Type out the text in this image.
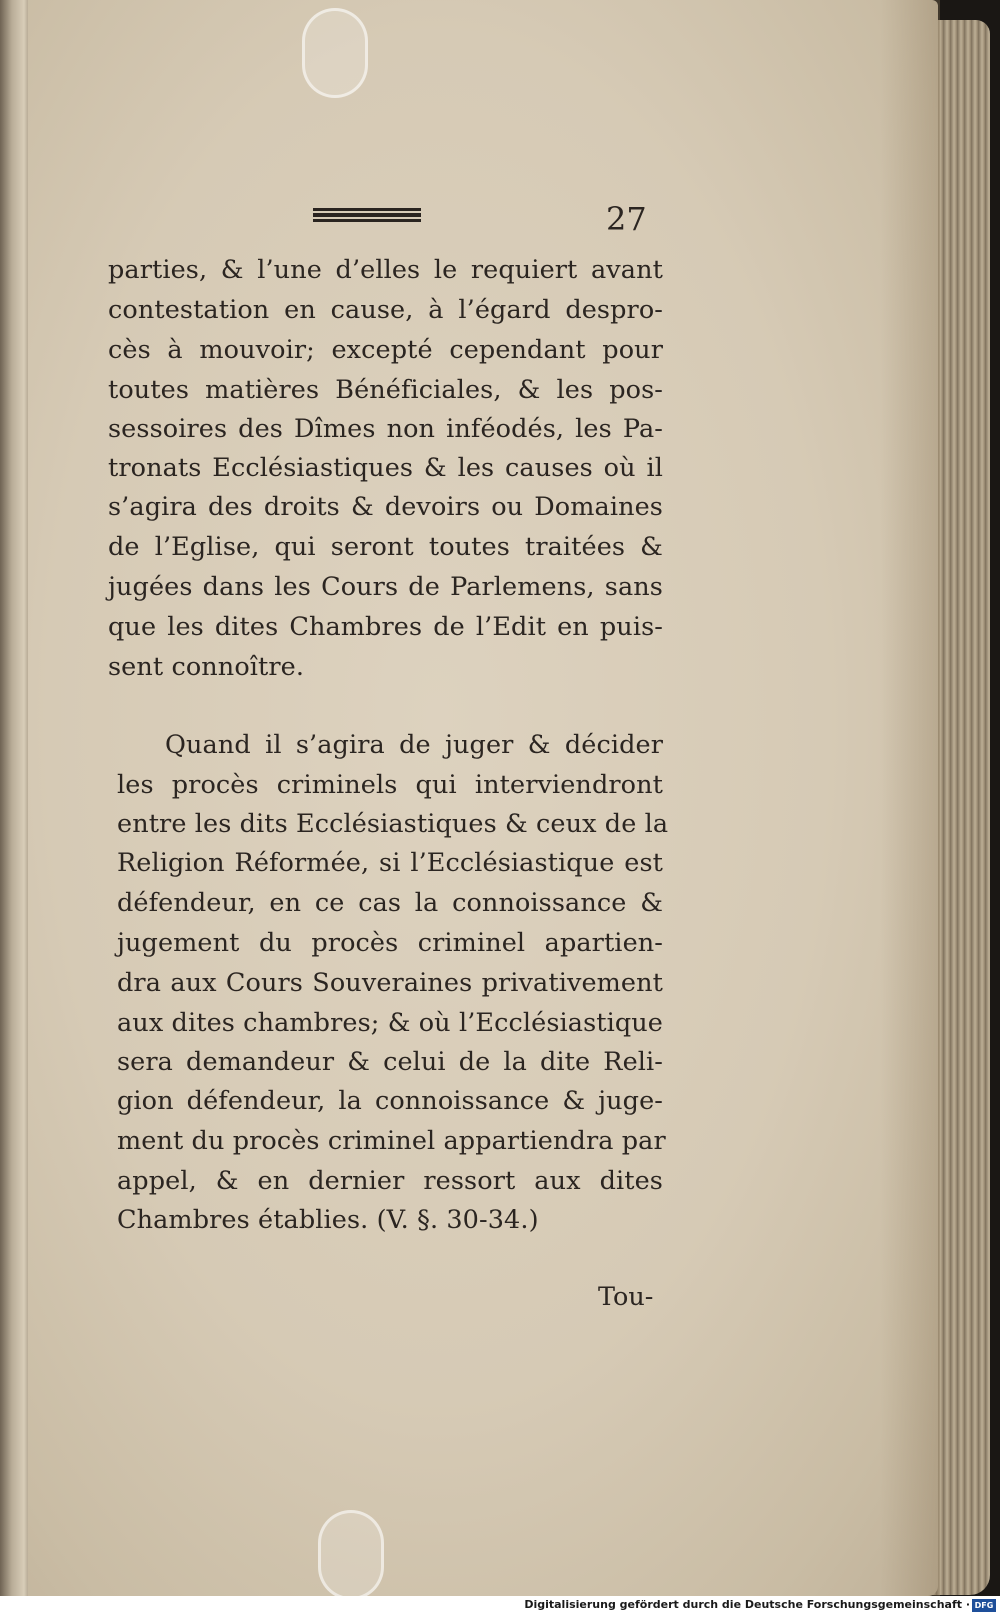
27
parties, & l’une d’elles le requiert avant
contestation en cause, à l’égard despro-
cès à mouvoir; excepté cependant pour
toutes matières Bénéficiales, & les pos-
sessoires des Dîmes non inféodés, les Pa-
tronats Ecclésiastiques & les causes où il
s’agira des droits & devoirs ou Domaines
de l’Eglise, qui seront toutes traitées &
jugées dans les Cours de Parlemens, sans
que les dites Chambres de l’Edit en puis-
sent connoître.
Quand il s’agira de juger & décider
les procès criminels qui interviendront
entre les dits Ecclésiastiques & ceux de la
Religion Réformée, si l’Ecclésiastique est
défendeur, en ce cas la connoissance &
jugement du procès criminel apartien-
dra aux Cours Souveraines privativement
aux dites chambres; & où l’Ecclésiastique
sera demandeur & celui de la dite Reli-
gion défendeur, la connoissance & juge-
ment du procès criminel appartiendra par
appel, & en dernier ressort aux dites
Chambres établies. (V. §. 30-34.)
Tou-
Digitalisierung gefördert durch die Deutsche Forschungsgemeinschaft · DFG
